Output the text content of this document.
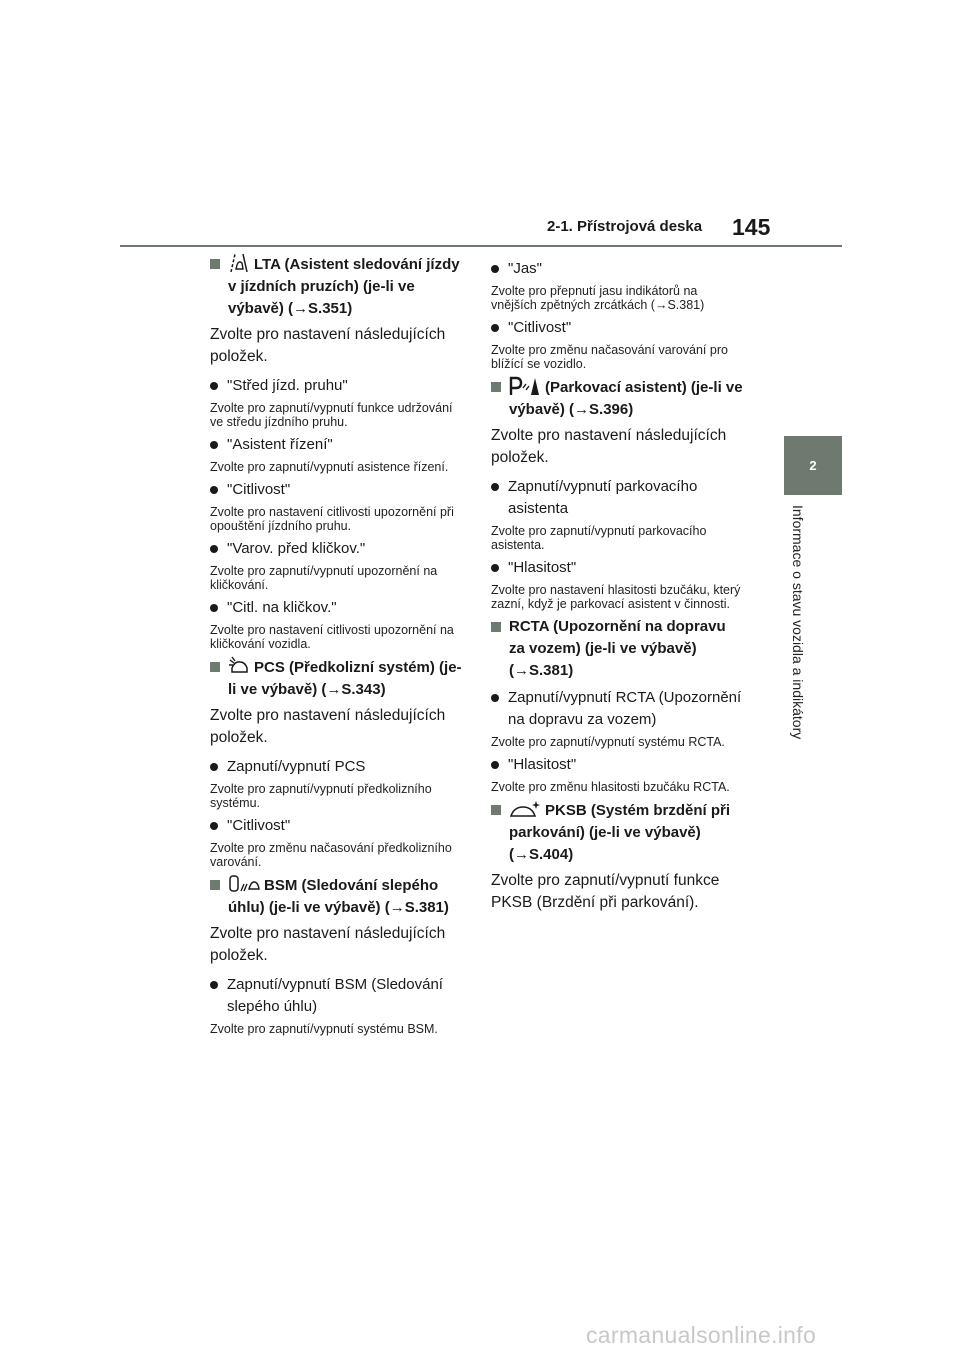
2-1. Přístrojová deska 145
2
Informace o stavu vozidla a indikátory
LTA (Asistent sledování jízdy v jízdních pruzích) (je-li ve výbavě) (→S.351)
Zvolte pro nastavení následujících položek.
"Střed jízd. pruhu"
Zvolte pro zapnutí/vypnutí funkce udržování ve středu jízdního pruhu.
"Asistent řízení"
Zvolte pro zapnutí/vypnutí asistence řízení.
"Citlivost"
Zvolte pro nastavení citlivosti upozornění při opouštění jízdního pruhu.
"Varov. před kličkov."
Zvolte pro zapnutí/vypnutí upozornění na kličkování.
"Citl. na kličkov."
Zvolte pro nastavení citlivosti upozornění na kličkování vozidla.
PCS (Předkolizní systém) (je-li ve výbavě) (→S.343)
Zvolte pro nastavení následujících položek.
Zapnutí/vypnutí PCS
Zvolte pro zapnutí/vypnutí předkolizního systému.
"Citlivost"
Zvolte pro změnu načasování předkolizního varování.
BSM (Sledování slepého úhlu) (je-li ve výbavě) (→S.381)
Zvolte pro nastavení následujících položek.
Zapnutí/vypnutí BSM (Sledování slepého úhlu)
Zvolte pro zapnutí/vypnutí systému BSM.
"Jas"
Zvolte pro přepnutí jasu indikátorů na vnějších zpětných zrcátkách (→S.381)
"Citlivost"
Zvolte pro změnu načasování varování pro blížící se vozidlo.
(Parkovací asistent) (je-li ve výbavě) (→S.396)
Zvolte pro nastavení následujících položek.
Zapnutí/vypnutí parkovacího asistenta
Zvolte pro zapnutí/vypnutí parkovacího asistenta.
"Hlasitost"
Zvolte pro nastavení hlasitosti bzučáku, který zazní, když je parkovací asistent v činnosti.
RCTA (Upozornění na dopravu za vozem) (je-li ve výbavě) (→S.381)
Zapnutí/vypnutí RCTA (Upozornění na dopravu za vozem)
Zvolte pro zapnutí/vypnutí systému RCTA.
"Hlasitost"
Zvolte pro změnu hlasitosti bzučáku RCTA.
PKSB (Systém brzdění při parkování) (je-li ve výbavě) (→S.404)
Zvolte pro zapnutí/vypnutí funkce PKSB (Brzdění při parkování).
carmanualsonline.info
